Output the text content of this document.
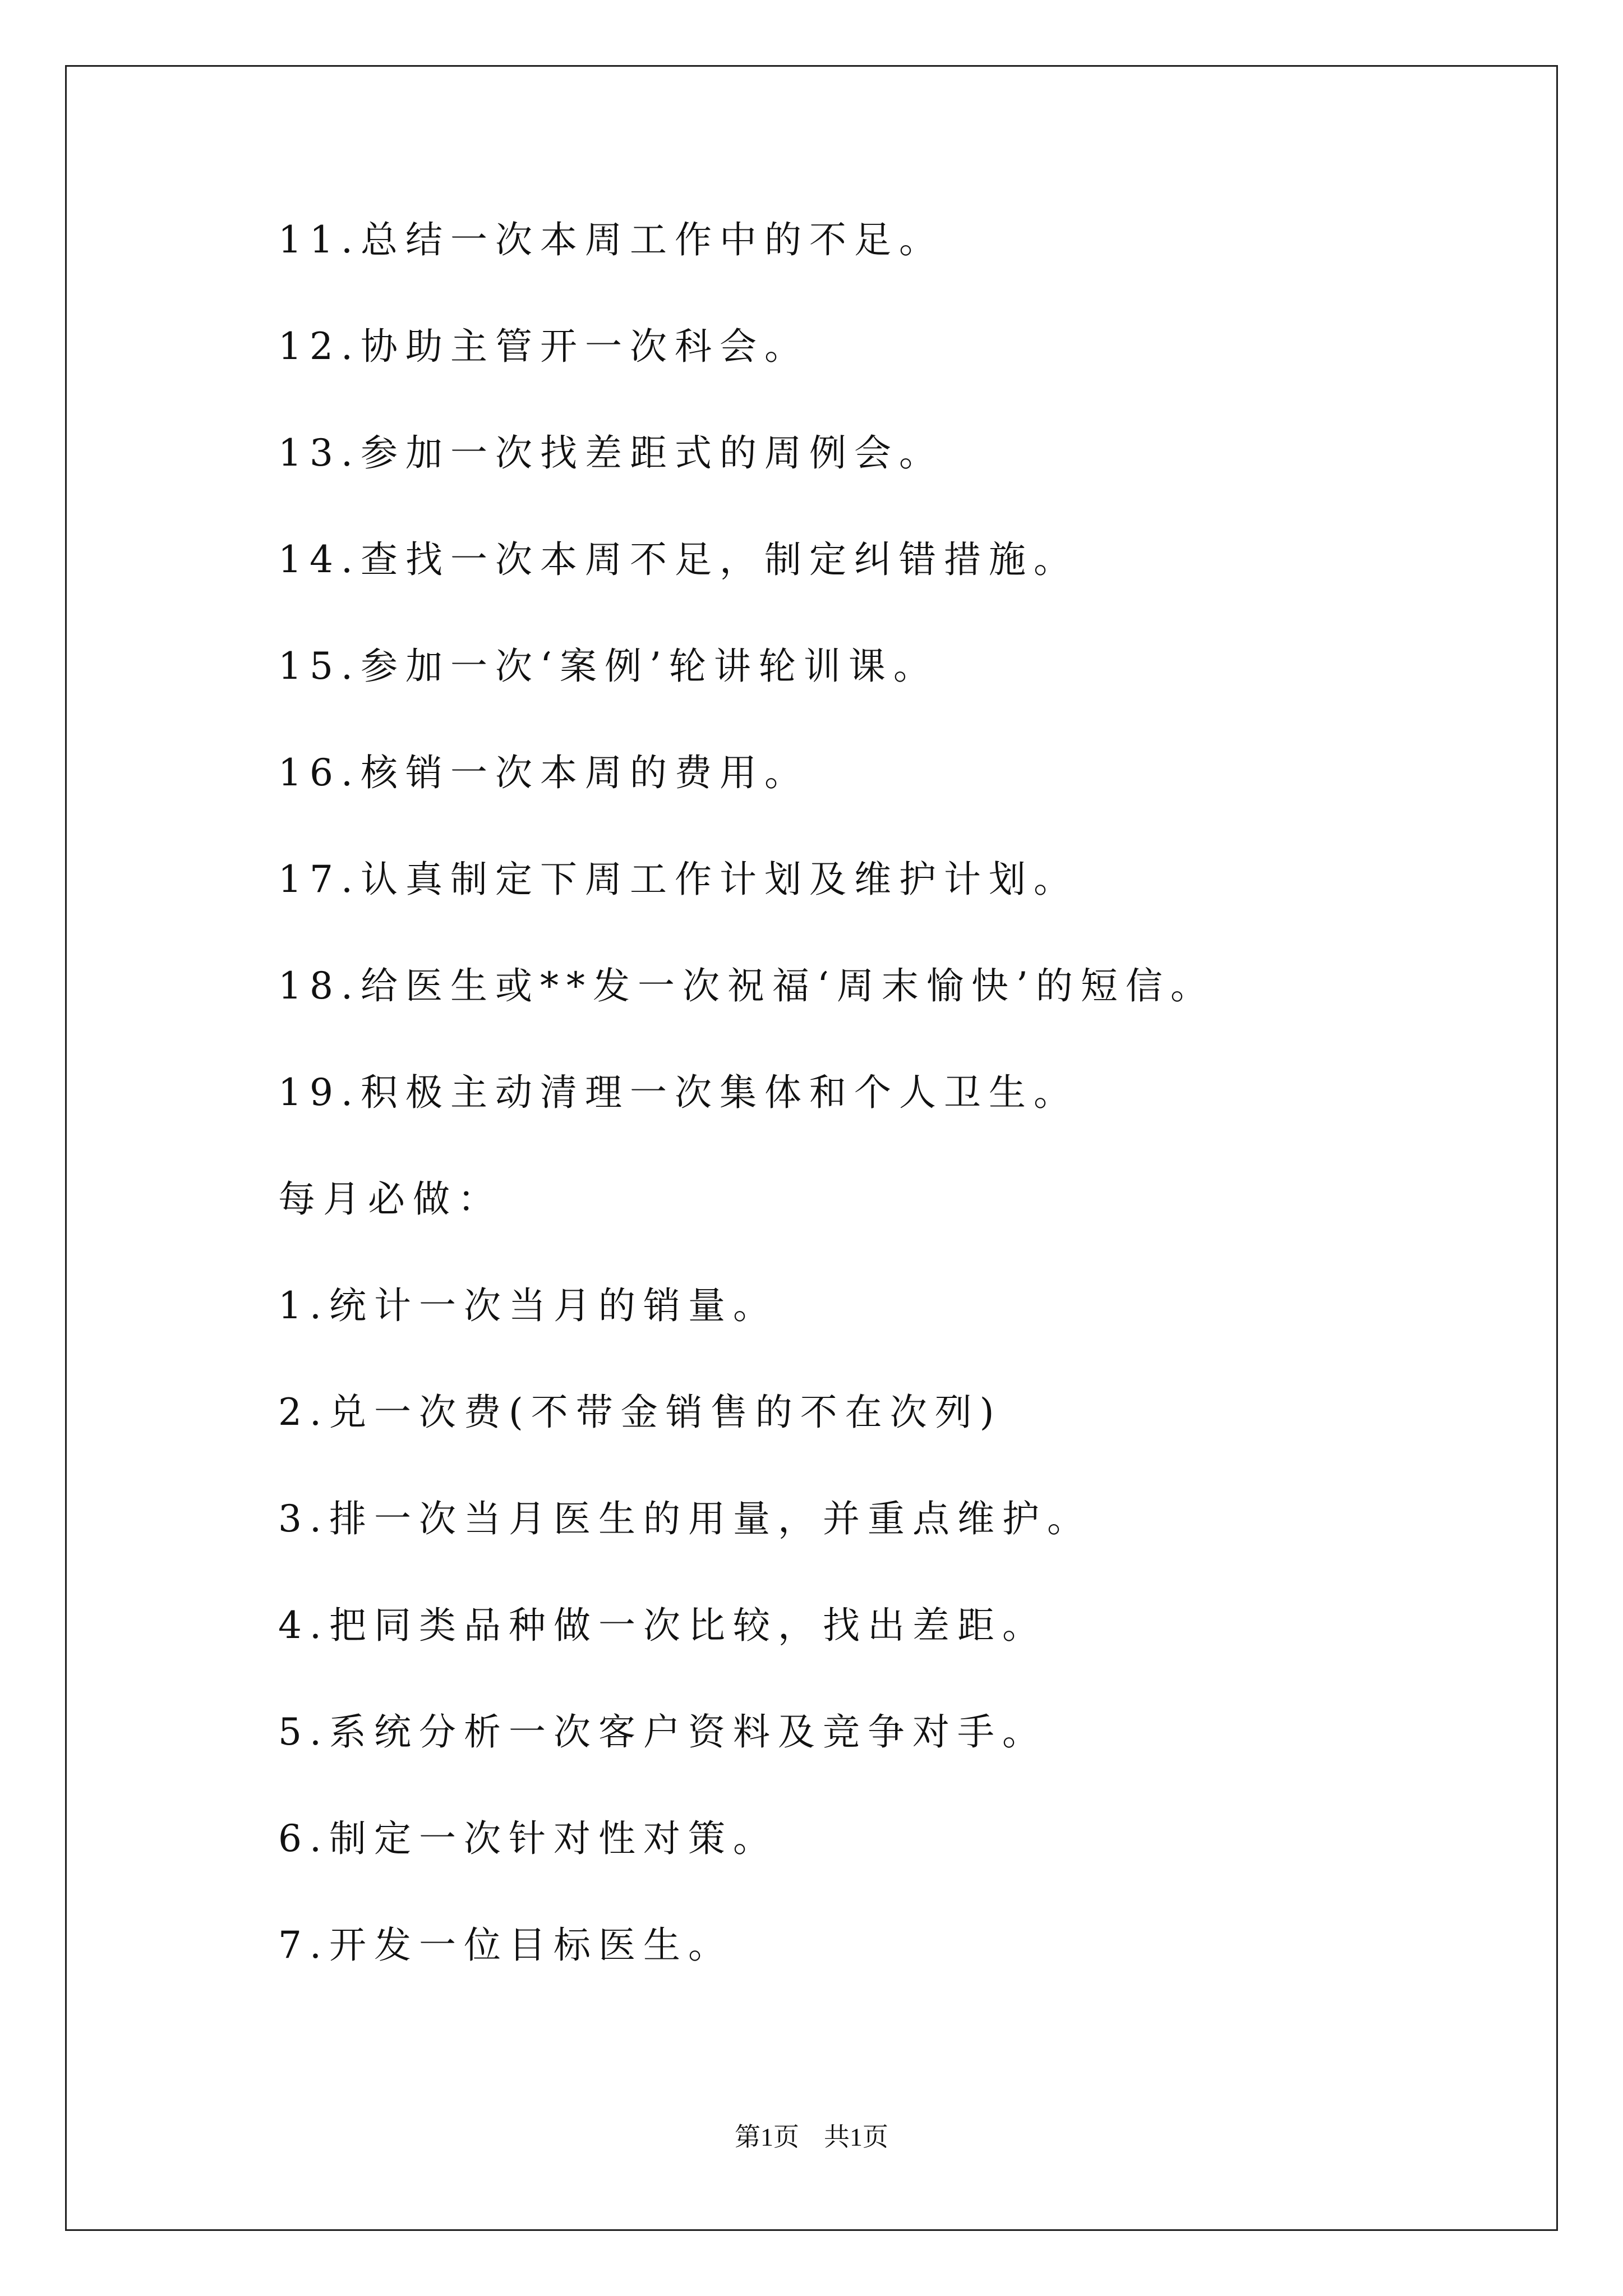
11.总结一次本周工作中的不足。
12.协助主管开一次科会。
13.参加一次找差距式的周例会。
14.查找一次本周不足，制定纠错措施。
15.参加一次‘案例’轮讲轮训课。
16.核销一次本周的费用。
17.认真制定下周工作计划及维护计划。
18.给医生或**发一次祝福‘周末愉快’的短信。
19.积极主动清理一次集体和个人卫生。
每月必做：
1.统计一次当月的销量。
2.兑一次费(不带金销售的不在次列)
3.排一次当月医生的用量，并重点维护。
4.把同类品种做一次比较，找出差距。
5.系统分析一次客户资料及竞争对手。
6.制定一次针对性对策。
7.开发一位目标医生。
第1页 共1页
